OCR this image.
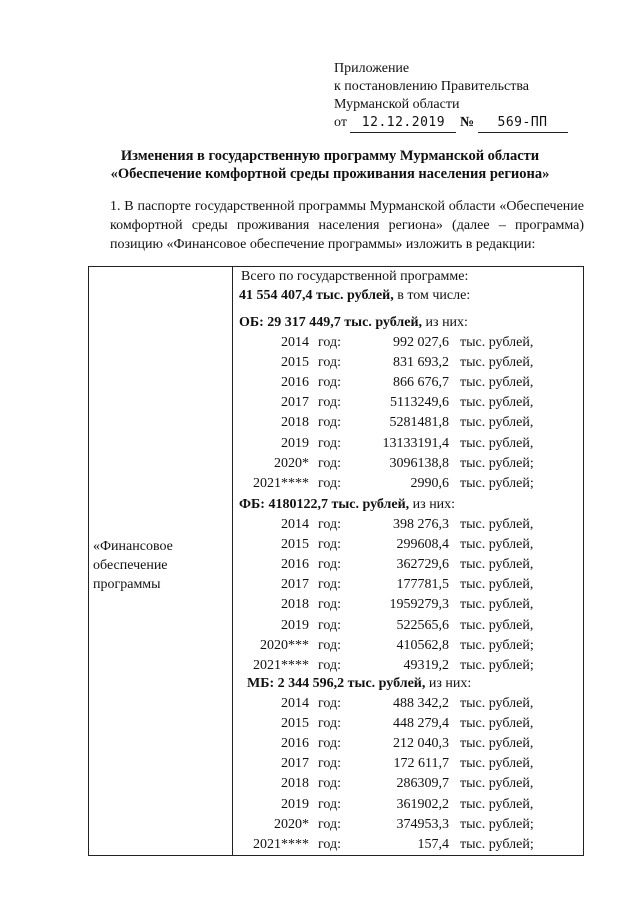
Приложение
к постановлению Правительства
Мурманской области
от 12.12.2019 № 569-ПП
Изменения в государственную программу Мурманской области
«Обеспечение комфортной среды проживания населения региона»
1. В паспорте государственной программы Мурманской области «Обеспечение комфортной среды проживания населения региона» (далее – программа) позицию «Финансовое обеспечение программы» изложить в редакции:
«Финансовое обеспечение программы
Всего по государственной программе:
41 554 407,4 тыс. рублей, в том числе:
ОБ: 29 317 449,7 тыс. рублей, из них:
2014 год:	992 027,6 тыс. рублей,
2015 год:	831 693,2 тыс. рублей,
2016 год:	866 676,7 тыс. рублей,
2017 год:	5113249,6 тыс. рублей,
2018 год:	5281481,8 тыс. рублей,
2019 год:	13133191,4 тыс. рублей,
2020* год:	3096138,8 тыс. рублей;
2021**** год:	2990,6 тыс. рублей;
ФБ: 4180122,7 тыс. рублей, из них:
2014 год:	398 276,3 тыс. рублей,
2015 год:	299608,4 тыс. рублей,
2016 год:	362729,6 тыс. рублей,
2017 год:	177781,5 тыс. рублей,
2018 год:	1959279,3 тыс. рублей,
2019 год:	522565,6 тыс. рублей,
2020*** год:	410562,8 тыс. рублей;
2021**** год:	49319,2 тыс. рублей;
МБ: 2 344 596,2 тыс. рублей, из них:
2014 год:	488 342,2 тыс. рублей,
2015 год:	448 279,4 тыс. рублей,
2016 год:	212 040,3 тыс. рублей,
2017 год:	172 611,7 тыс. рублей,
2018 год:	286309,7 тыс. рублей,
2019 год:	361902,2 тыс. рублей,
2020* год:	374953,3 тыс. рублей;
2021**** год:	157,4 тыс. рублей;
